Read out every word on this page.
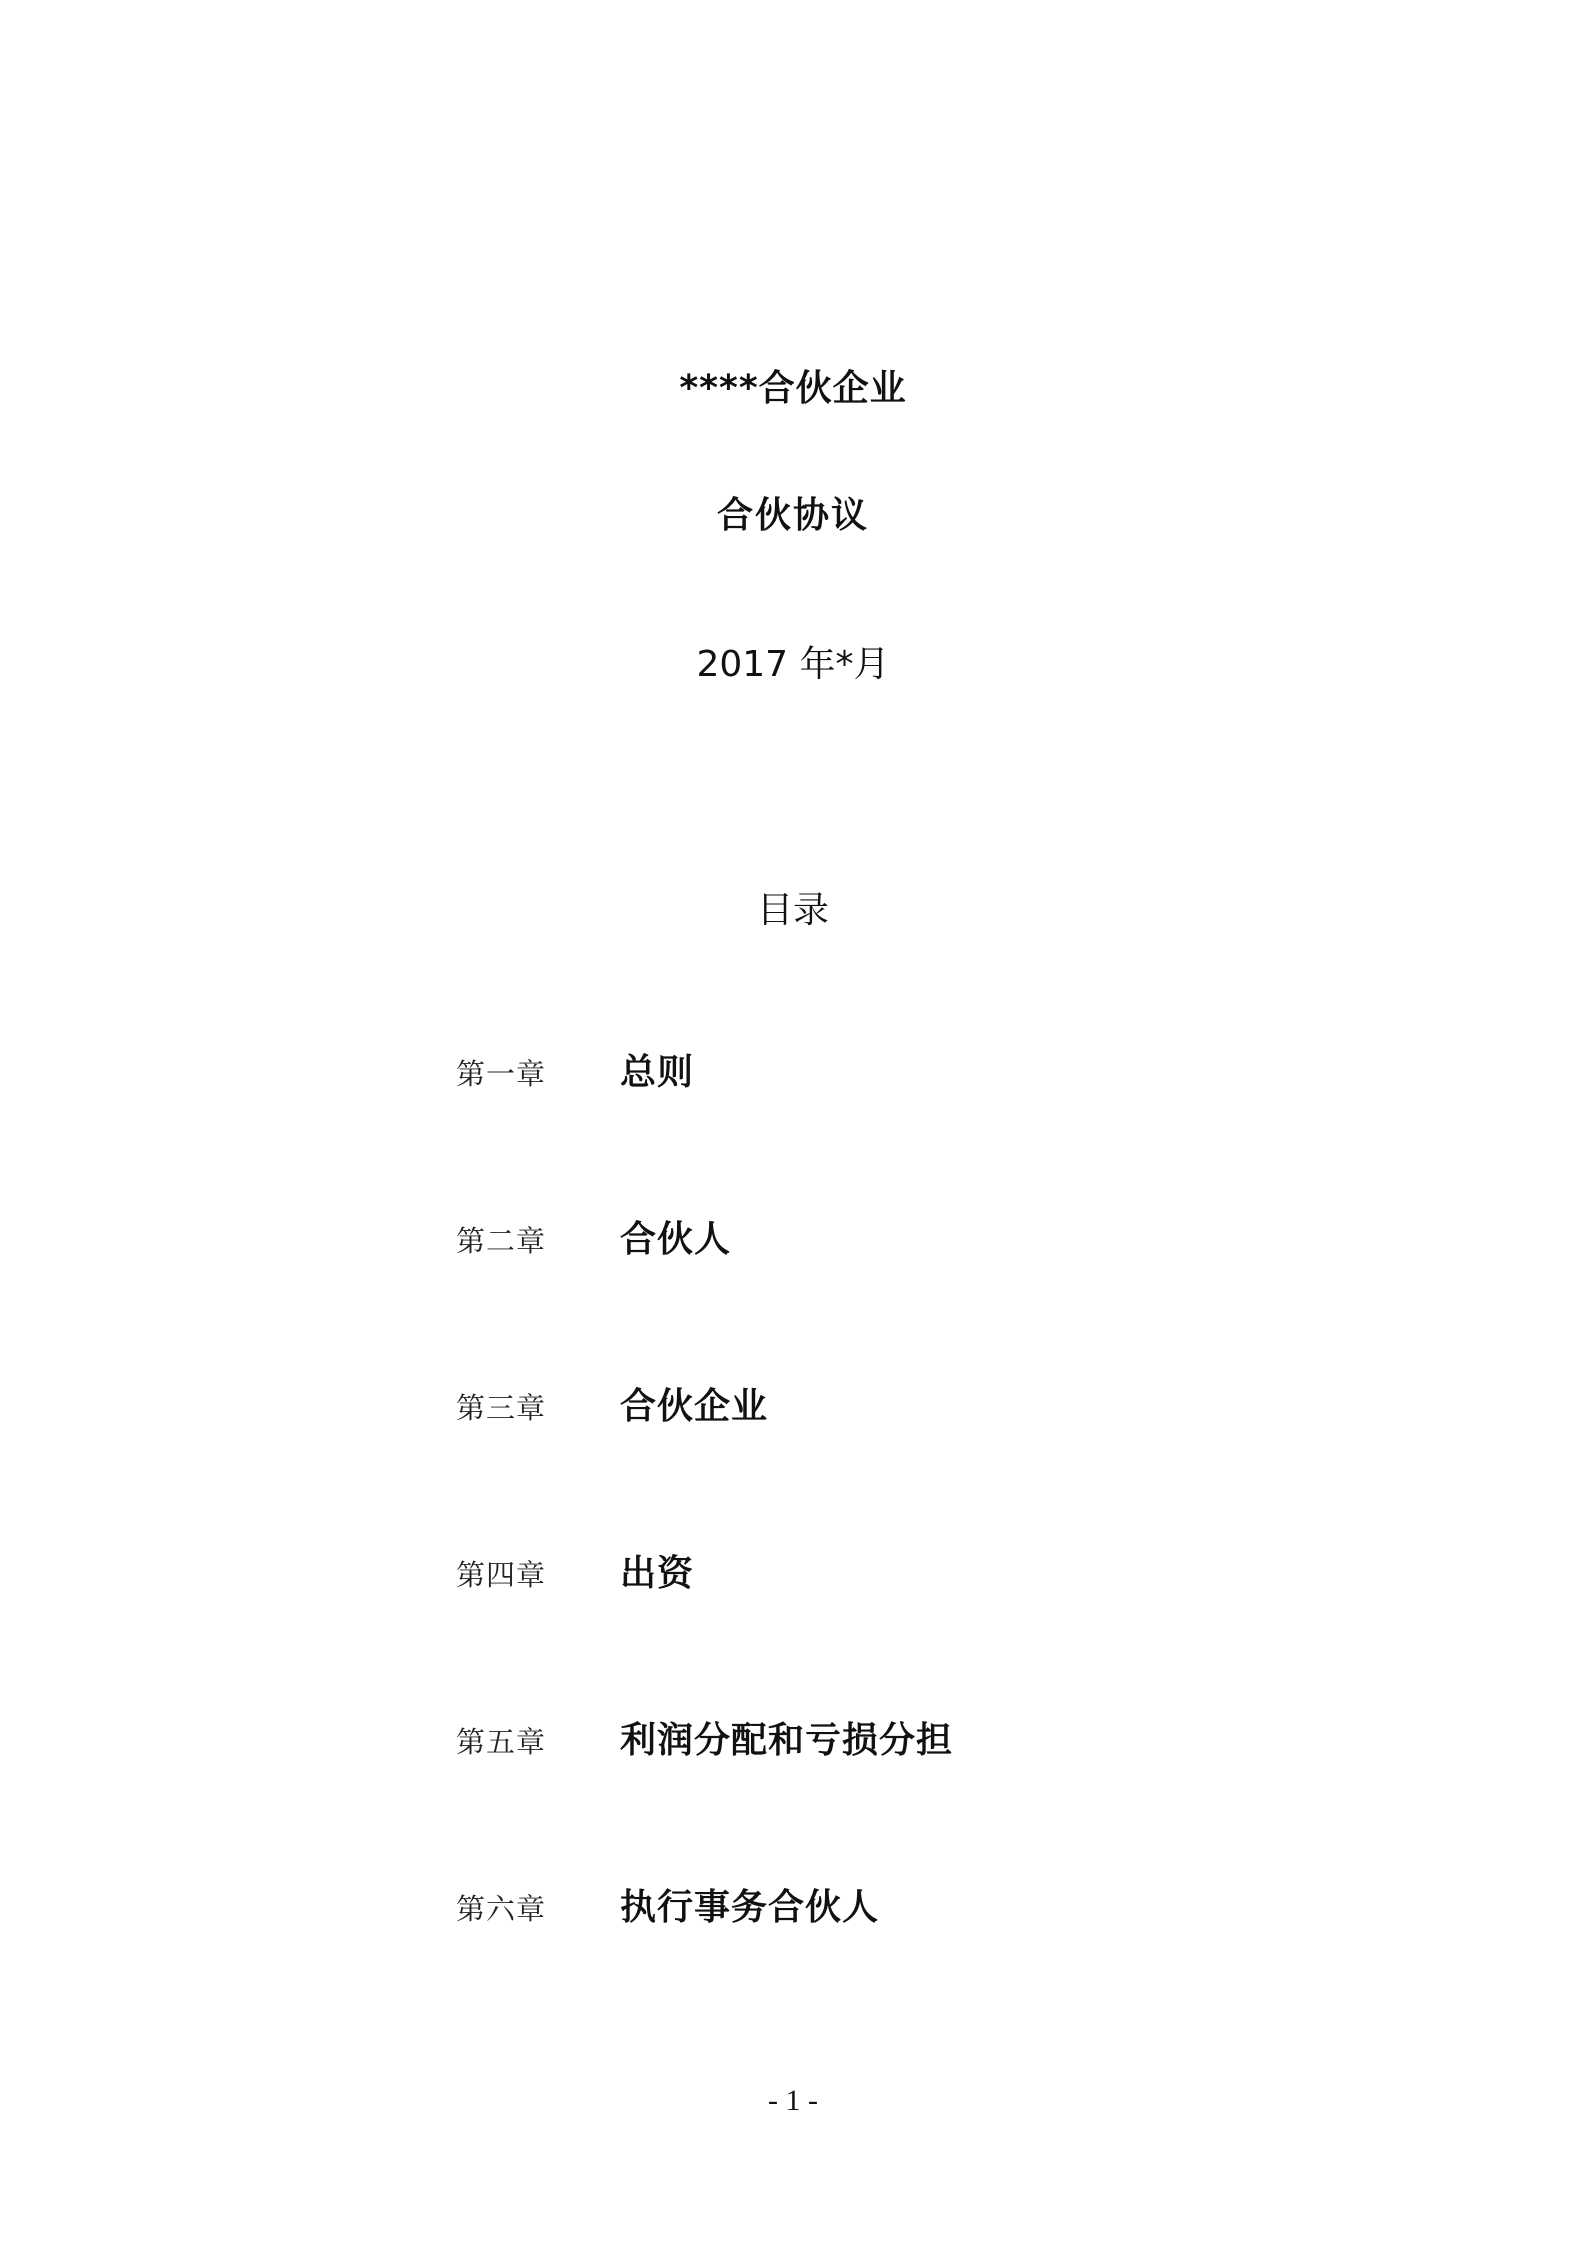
****合伙企业
合伙协议
2017 年*月
目录
第一章 总则
第二章 合伙人
第三章 合伙企业
第四章 出资
第五章 利润分配和亏损分担
第六章 执行事务合伙人
- 1 -
